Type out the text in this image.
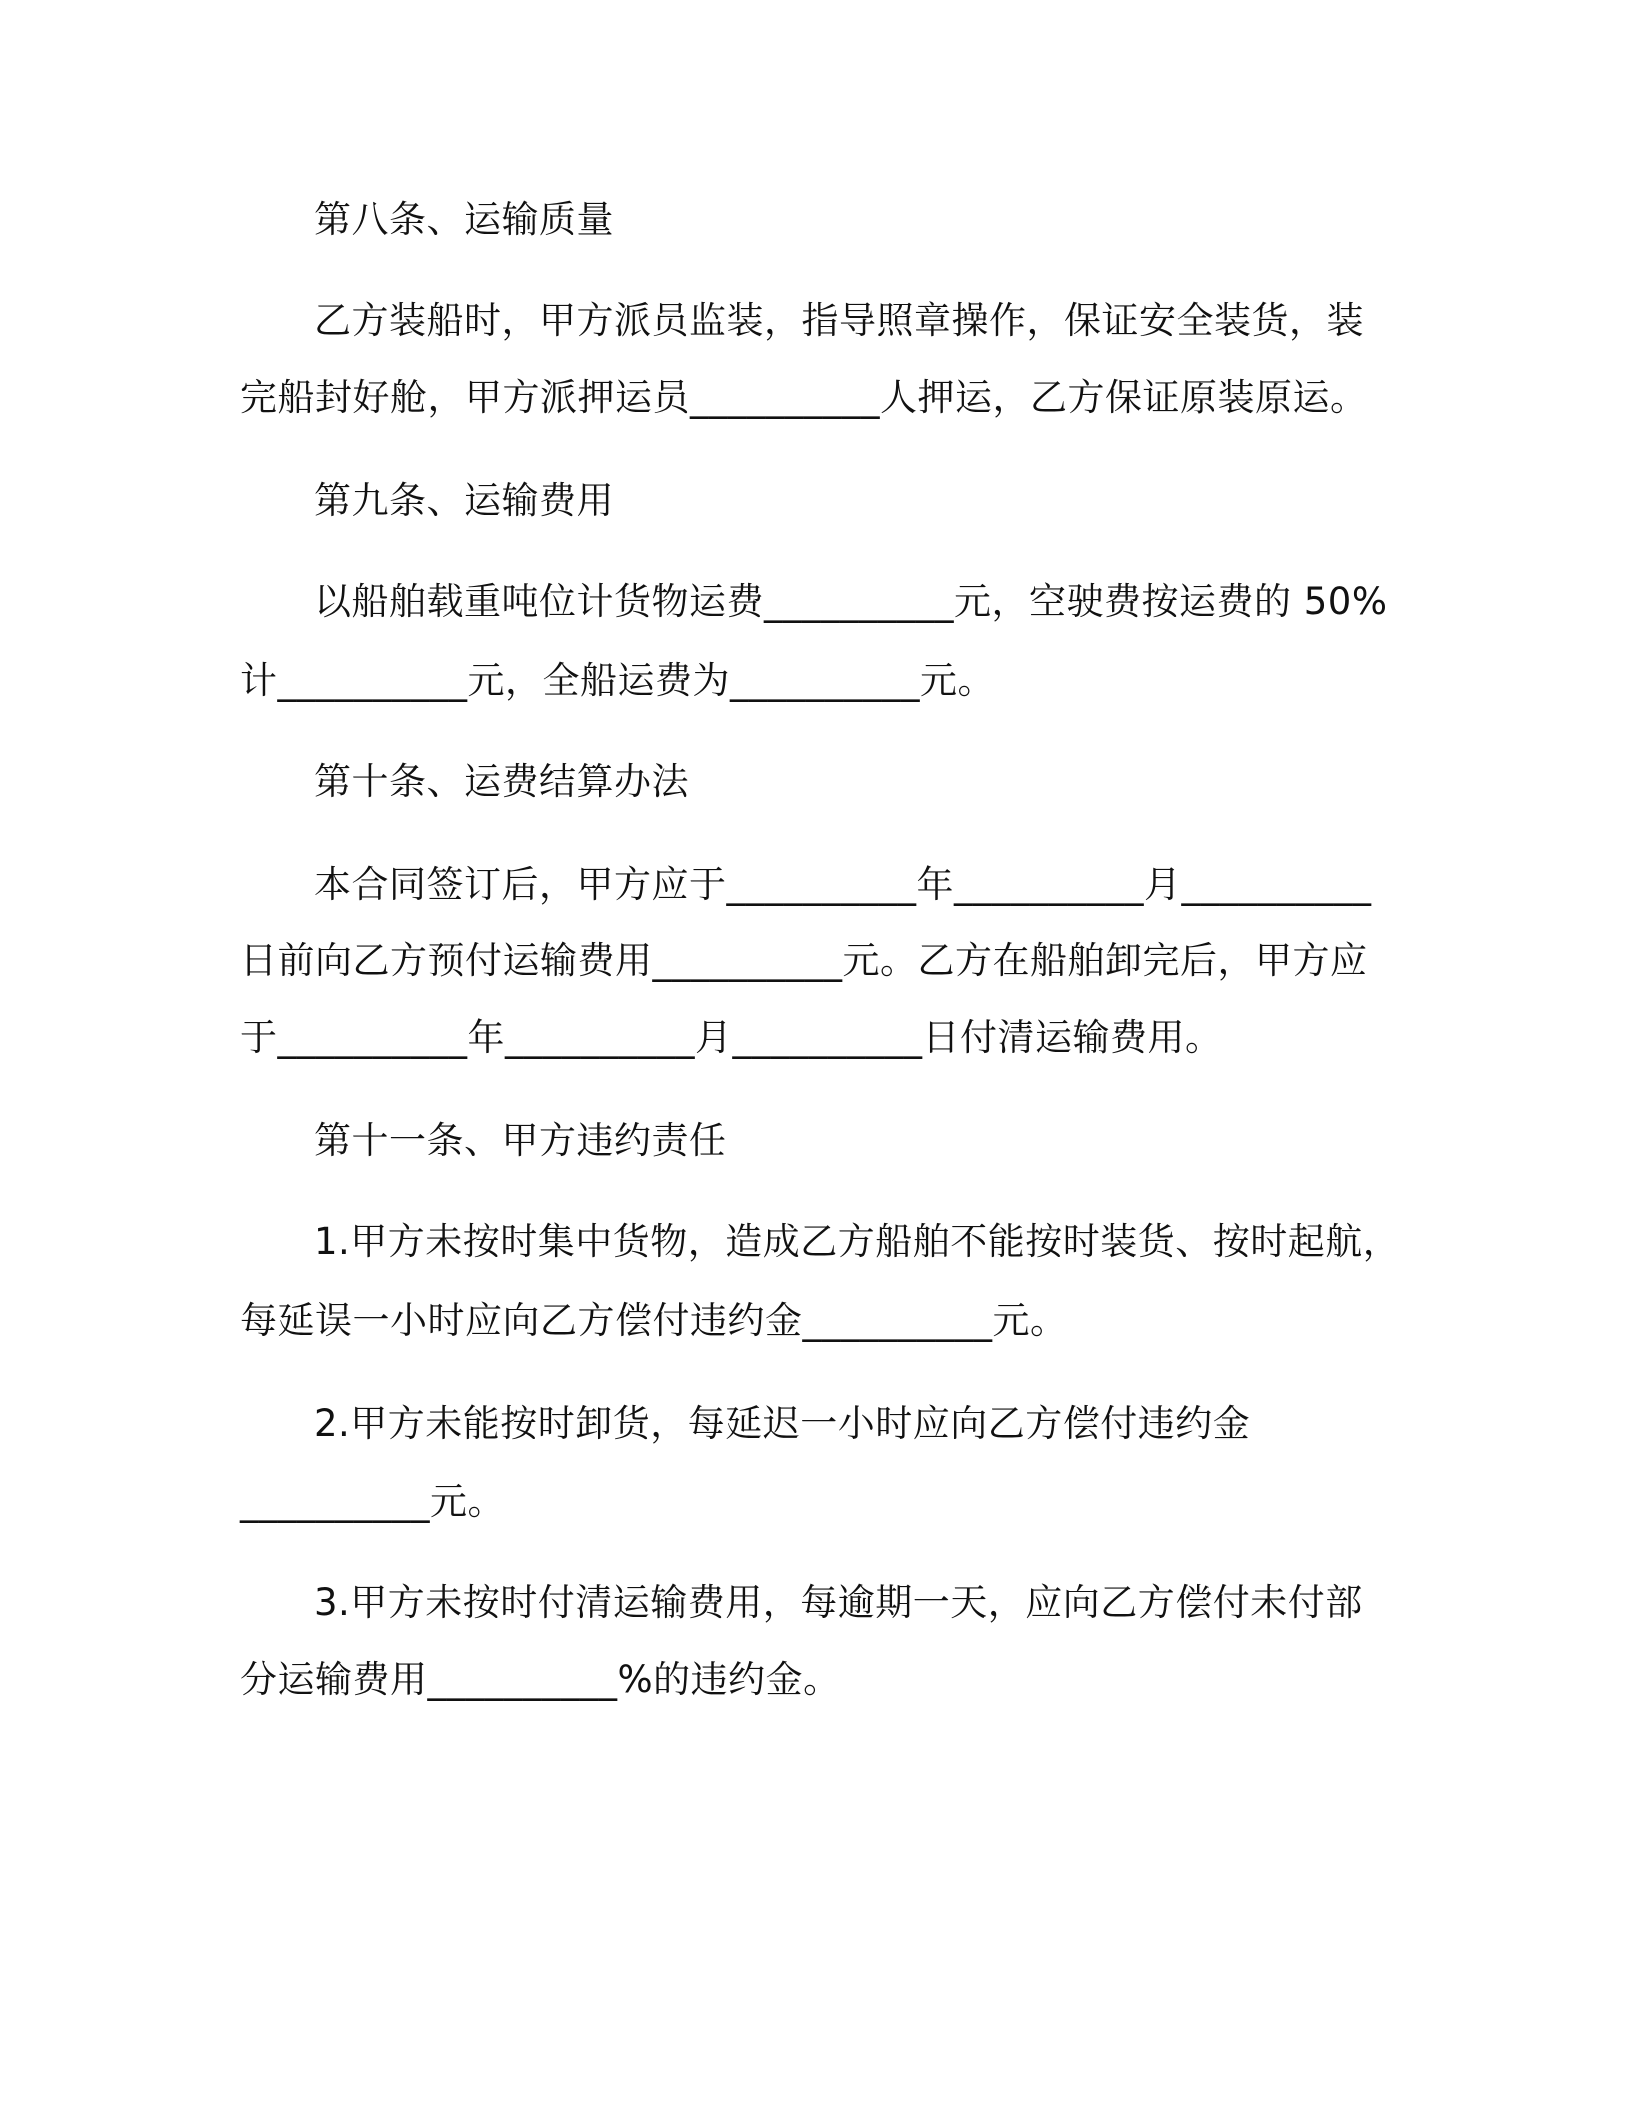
第八条、运输质量
乙方装船时，甲方派员监装，指导照章操作，保证安全装货，装
完船封好舱，甲方派押运员__________人押运，乙方保证原装原运。
第九条、运输费用
以船舶载重吨位计货物运费__________元，空驶费按运费的 50%
计__________元，全船运费为__________元。
第十条、运费结算办法
本合同签订后，甲方应于__________年__________月__________
日前向乙方预付运输费用__________元。乙方在船舶卸完后，甲方应
于__________年__________月__________日付清运输费用。
第十一条、甲方违约责任
1.甲方未按时集中货物，造成乙方船舶不能按时装货、按时起航，
每延误一小时应向乙方偿付违约金__________元。
2.甲方未能按时卸货，每延迟一小时应向乙方偿付违约金
__________元。
3.甲方未按时付清运输费用，每逾期一天，应向乙方偿付未付部
分运输费用__________%的违约金。
